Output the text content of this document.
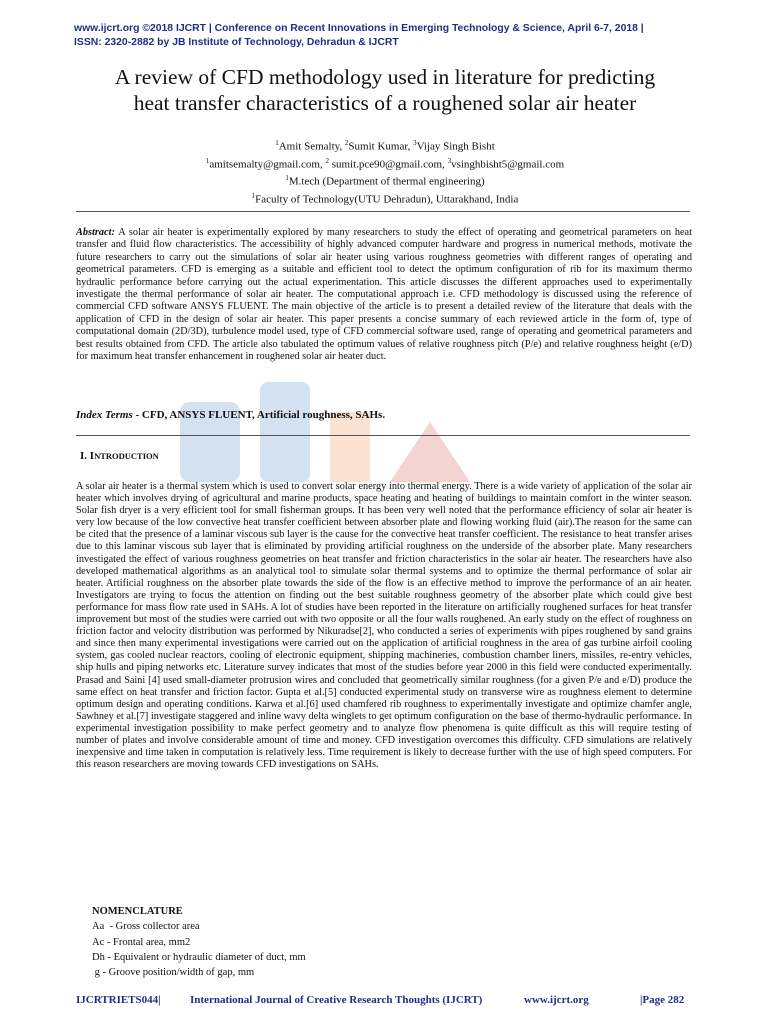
www.ijcrt.org ©2018 IJCRT | Conference on Recent Innovations in Emerging Technology & Science, April 6-7, 2018 |
ISSN: 2320-2882 by JB Institute of Technology, Dehradun & IJCRT
A review of CFD methodology used in literature for predicting
heat transfer characteristics of a roughened solar air heater
$^1$Amit Semalty, $^2$Sumit Kumar, $^3$Vijay Singh Bisht
$^1$amitsemalty@gmail.com, $^2$ sumit.pce90@gmail.com, $^3$vsinghbisht5@gmail.com
$^1$M.tech (Department of thermal engineering)
$^1$Faculty of Technology(UTU Dehradun), Uttarakhand, India
Abstract: A solar air heater is experimentally explored by many researchers to study the effect of operating and geometrical parameters on heat transfer and fluid flow characteristics. The accessibility of highly advanced computer hardware and progress in numerical methods, motivate the future researchers to carry out the simulations of solar air heater using various roughness geometries with different ranges of operating and geometrical parameters. CFD is emerging as a suitable and efficient tool to detect the optimum configuration of rib for its maximum thermo hydraulic performance before carrying out the actual experimentation. This article discusses the different approaches used to experimentally investigate the thermal performance of solar air heater. The computational approach i.e. CFD methodology is discussed using the reference of commercial CFD software ANSYS FLUENT. The main objective of the article is to present a detailed review of the literature that deals with the application of CFD in the design of solar air heater. This paper presents a concise summary of each reviewed article in the form of, type of computational domain (2D/3D), turbulence model used, type of CFD commercial software used, range of operating and geometrical parameters and best results obtained from CFD. The article also tabulated the optimum values of relative roughness pitch (P/e) and relative roughness height (e/D) for maximum heat transfer enhancement in roughened solar air heater duct.
Index Terms - CFD, ANSYS FLUENT, Artificial roughness, SAHs.
I. INTRODUCTION
A solar air heater is a thermal system which is used to convert solar energy into thermal energy. There is a wide variety of application of the solar air heater which involves drying of agricultural and marine products, space heating and heating of buildings to maintain comfort in the winter season. Solar fish dryer is a very efficient tool for small fisherman groups. It has been very well noted that the performance efficiency of solar air heater is very low because of the low convective heat transfer coefficient between absorber plate and flowing working fluid (air).The reason for the same can be cited that the presence of a laminar viscous sub layer is the cause for the convective heat transfer coefficient. The resistance to heat transfer arises due to this laminar viscous sub layer that is eliminated by providing artificial roughness on the underside of the absorber plate. Many researchers investigated the effect of various roughness geometries on heat transfer and friction characteristics in the solar air heater. The researchers have also developed mathematical algorithms as an analytical tool to simulate solar thermal systems and to optimize the thermal performance of solar air heater. Artificial roughness on the absorber plate towards the side of the flow is an effective method to improve the performance of an air heater. Investigators are trying to focus the attention on finding out the best suitable roughness geometry of the absorber plate which could give best performance for mass flow rate used in SAHs. A lot of studies have been reported in the literature on artificially roughened surfaces for heat transfer improvement but most of the studies were carried out with two opposite or all the four walls roughened. An early study on the effect of roughness on friction factor and velocity distribution was performed by Nikuradse[2], who conducted a series of experiments with pipes roughened by sand grains and since then many experimental investigations were carried out on the application of artificial roughness in the area of gas turbine airfoil cooling system, gas cooled nuclear reactors, cooling of electronic equipment, shipping machineries, combustion chamber liners, missiles, re-entry vehicles, ship hulls and piping networks etc. Literature survey indicates that most of the studies before year 2000 in this field were conducted experimentally. Prasad and Saini [4] used small-diameter protrusion wires and concluded that geometrically similar roughness (for a given P/e and e/D) produce the same effect on heat transfer and friction factor. Gupta et al.[5] conducted experimental study on transverse wire as roughness element to determine optimum design and operating conditions. Karwa et al.[6] used chamfered rib roughness to experimentally investigate and optimize chamfer angle, Sawhney et al.[7] investigate staggered and inline wavy delta winglets to get optimum configuration on the base of thermo-hydraulic performance. In experimental investigation possibility to make perfect geometry and to analyze flow phenomena is quite difficult as this will require testing of number of plates and involve considerable amount of time and money. CFD investigation overcomes this difficulty. CFD simulations are relatively inexpensive and time taken in computation is relatively less. Time requirement is likely to decrease further with the use of high speed computers. For this reason researchers are moving towards CFD investigations on SAHs.
NOMENCLATURE
Aa  - Gross collector area
Ac - Frontal area, mm2
Dh - Equivalent or hydraulic diameter of duct, mm
g - Groove position/width of gap, mm
IJCRTRIETS044|	International Journal of Creative Research Thoughts (IJCRT)	www.ijcrt.org	|Page 282
